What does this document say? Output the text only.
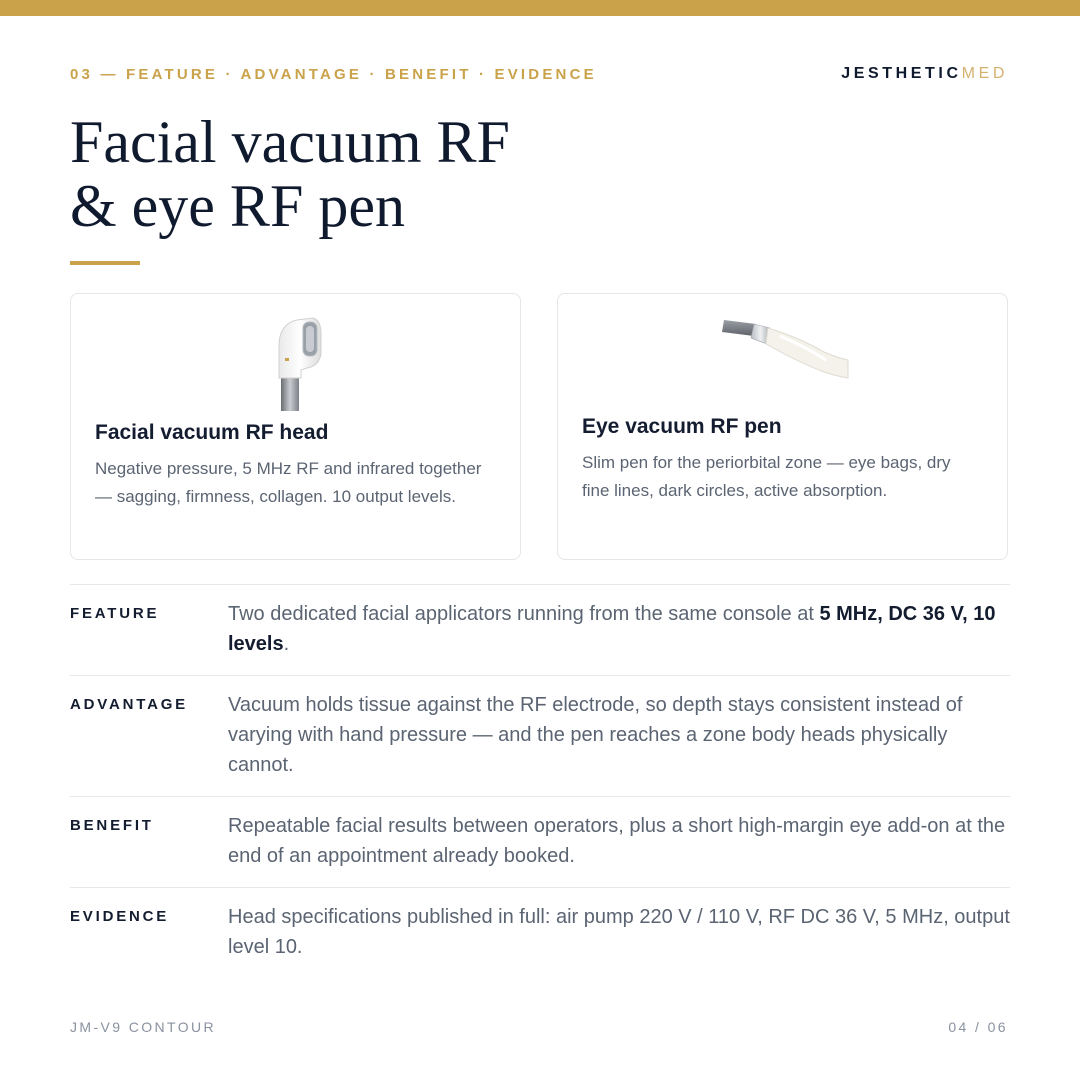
03 — FEATURE · ADVANTAGE · BENEFIT · EVIDENCE	JESTHETICMED
Facial vacuum RF
& eye RF pen
Facial vacuum RF head
Negative pressure, 5 MHz RF and infrared together — sagging, firmness, collagen. 10 output levels.
Eye vacuum RF pen
Slim pen for the periorbital zone — eye bags, dry fine lines, dark circles, active absorption.
FEATURE	Two dedicated facial applicators running from the same console at 5 MHz, DC 36 V, 10 levels.
ADVANTAGE Vacuum holds tissue against the RF electrode, so depth stays consistent instead of varying with hand pressure — and the pen reaches a zone body heads physically cannot.
BENEFIT	Repeatable facial results between operators, plus a short high-margin eye add-on at the end of an appointment already booked.
EVIDENCE	Head specifications published in full: air pump 220 V / 110 V, RF DC 36 V, 5 MHz, output level 10.
JM-V9 CONTOUR	04 / 06
